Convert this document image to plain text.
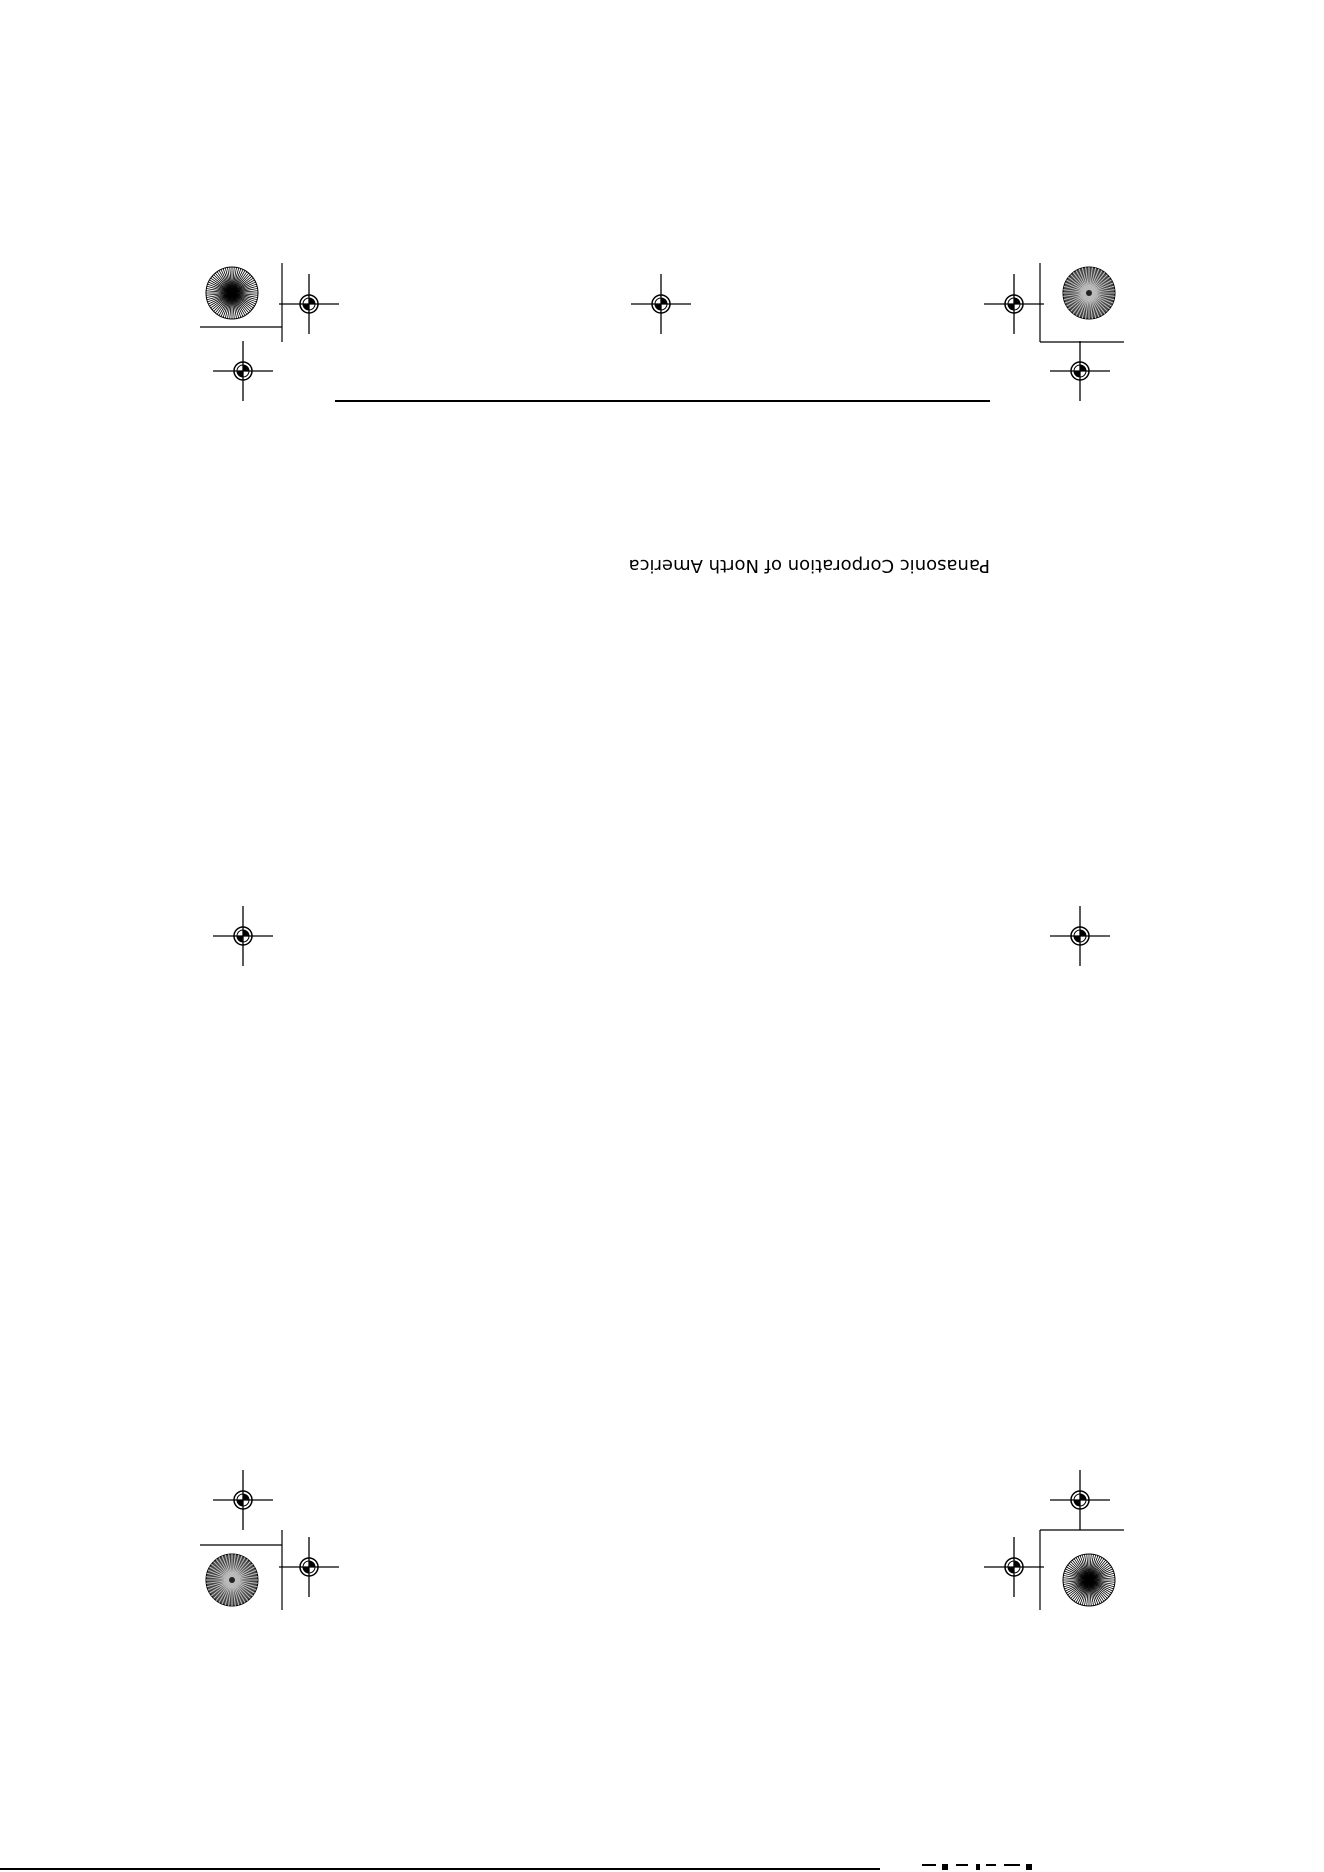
Panasonic Corporation of North America
